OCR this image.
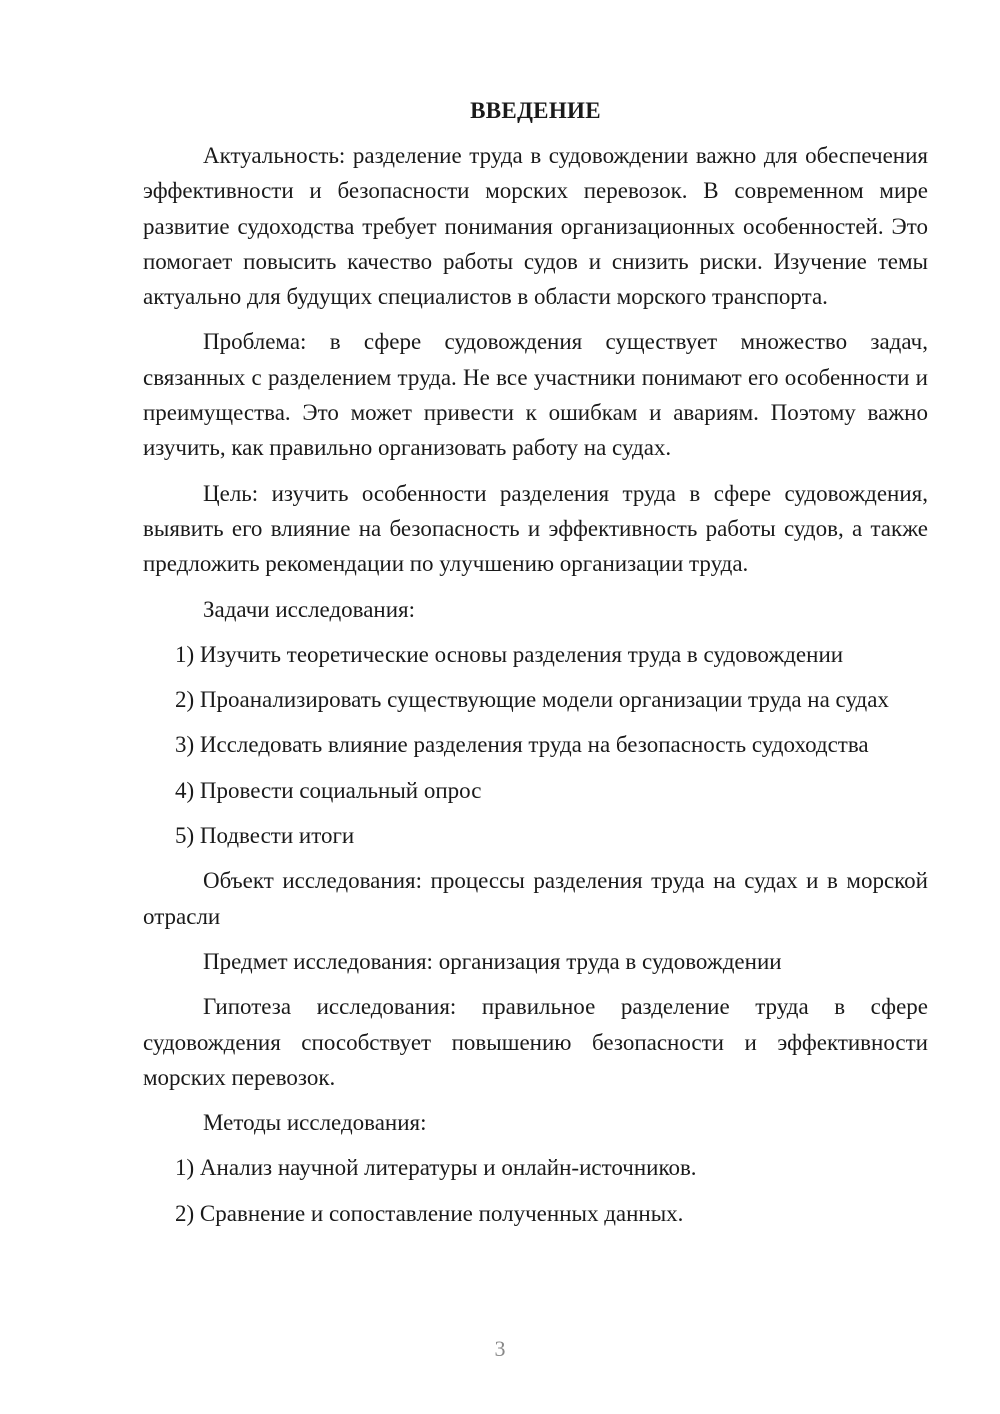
ВВЕДЕНИЕ

Актуальность: разделение труда в судовождении важно для обеспечения эффективности и безопасности морских перевозок. В современном мире развитие судоходства требует понимания организационных особенностей. Это помогает повысить качество работы судов и снизить риски. Изучение темы актуально для будущих специалистов в области морского транспорта.

Проблема: в сфере судовождения существует множество задач, связанных с разделением труда. Не все участники понимают его особенности и преимущества. Это может привести к ошибкам и авариям. Поэтому важно изучить, как правильно организовать работу на судах.

Цель: изучить особенности разделения труда в сфере судовождения, выявить его влияние на безопасность и эффективность работы судов, а также предложить рекомендации по улучшению организации труда.

Задачи исследования:

1) Изучить теоретические основы разделения труда в судовождении

2) Проанализировать существующие модели организации труда на судах

3) Исследовать влияние разделения труда на безопасность судоходства

4) Провести социальный опрос

5) Подвести итоги

Объект исследования: процессы разделения труда на судах и в морской отрасли

Предмет исследования: организация труда в судовождении

Гипотеза исследования: правильное разделение труда в сфере судовождения способствует повышению безопасности и эффективности морских перевозок.

Методы исследования:

1) Анализ научной литературы и онлайн-источников.

2) Сравнение и сопоставление полученных данных.

3
